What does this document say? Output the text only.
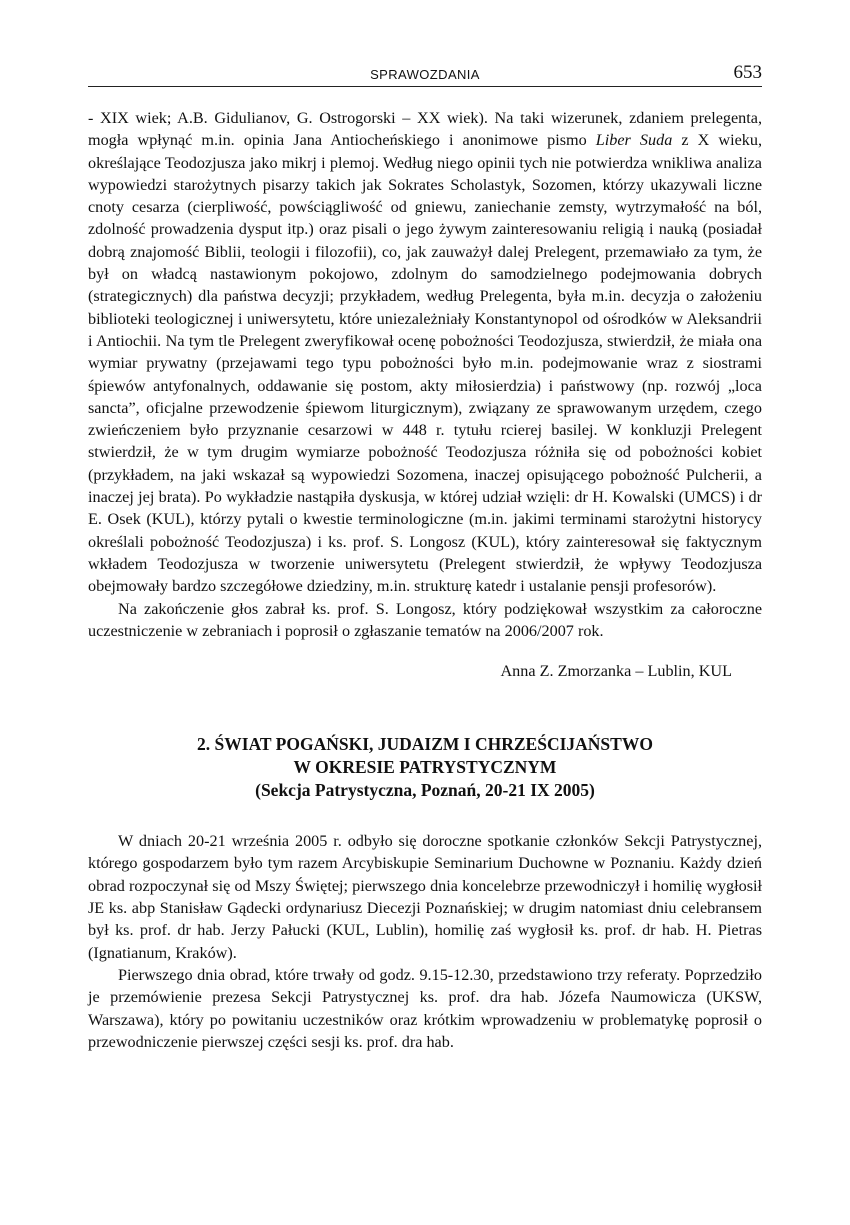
SPRAWOZDANIA	653

- XIX wiek; A.B. Gidulianov, G. Ostrogorski – XX wiek). Na taki wizerunek, zdaniem prelegenta, mogła wpłynąć m.in. opinia Jana Antiocheńskiego i anonimowe pismo Liber Suda z X wieku, określające Teodozjusza jako mikrj i plemoj. Według niego opinii tych nie potwierdza wnikliwa analiza wypowiedzi starożytnych pisarzy takich jak Sokrates Scholastyk, Sozomen, którzy ukazywali liczne cnoty cesarza (cierpliwość, powściągliwość od gniewu, zaniechanie zemsty, wytrzymałość na ból, zdolność prowadzenia dysput itp.) oraz pisali o jego żywym zainteresowaniu religią i nauką (posiadał dobrą znajomość Biblii, teologii i filozofii), co, jak zauważył dalej Prelegent, przemawiało za tym, że był on władcą nastawionym pokojowo, zdolnym do samodzielnego podejmowania dobrych (strategicznych) dla państwa decyzji; przykładem, według Prelegenta, była m.in. decyzja o założeniu biblioteki teologicznej i uniwersytetu, które uniezależniały Konstantynopol od ośrodków w Aleksandrii i Antiochii. Na tym tle Prelegent zweryfikował ocenę pobożności Teodozjusza, stwierdził, że miała ona wymiar prywatny (przejawami tego typu pobożności było m.in. podejmowanie wraz z siostrami śpiewów antyfonalnych, oddawanie się postom, akty miłosierdzia) i państwowy (np. rozwój „loca sancta”, oficjalne przewodzenie śpiewom liturgicznym), związany ze sprawowanym urzędem, czego zwieńczeniem było przyznanie cesarzowi w 448 r. tytułu rcierej basilej. W konkluzji Prelegent stwierdził, że w tym drugim wymiarze pobożność Teodozjusza różniła się od pobożności kobiet (przykładem, na jaki wskazał są wypowiedzi Sozomena, inaczej opisującego pobożność Pulcherii, a inaczej jej brata). Po wykładzie nastąpiła dyskusja, w której udział wzięli: dr H. Kowalski (UMCS) i dr E. Osek (KUL), którzy pytali o kwestie terminologiczne (m.in. jakimi terminami starożytni historycy określali pobożność Teodozjusza) i ks. prof. S. Longosz (KUL), który zainteresował się faktycznym wkładem Teodozjusza w tworzenie uniwersytetu (Prelegent stwierdził, że wpływy Teodozjusza obejmowały bardzo szczegółowe dziedziny, m.in. strukturę katedr i ustalanie pensji profesorów).

Na zakończenie głos zabrał ks. prof. S. Longosz, który podziękował wszystkim za całoroczne uczestniczenie w zebraniach i poprosił o zgłaszanie tematów na 2006/2007 rok.

Anna Z. Zmorzanka – Lublin, KUL
2. ŚWIAT POGAŃSKI, JUDAIZM I CHRZEŚCIJAŃSTWO
W OKRESIE PATRYSTYCZNYM
(Sekcja Patrystyczna, Poznań, 20-21 IX 2005)

W dniach 20-21 września 2005 r. odbyło się doroczne spotkanie członków Sekcji Patrystycznej, którego gospodarzem było tym razem Arcybiskupie Seminarium Duchowne w Poznaniu. Każdy dzień obrad rozpoczynał się od Mszy Świętej; pierwszego dnia koncelebrze przewodniczył i homilię wygłosił JE ks. abp Stanisław Gądecki ordynariusz Diecezji Poznańskiej; w drugim natomiast dniu celebransem był ks. prof. dr hab. Jerzy Pałucki (KUL, Lublin), homilię zaś wygłosił ks. prof. dr hab. H. Pietras (Ignatianum, Kraków).

Pierwszego dnia obrad, które trwały od godz. 9.15-12.30, przedstawiono trzy referaty. Poprzedziło je przemówienie prezesa Sekcji Patrystycznej ks. prof. dra hab. Józefa Naumowicza (UKSW, Warszawa), który po powitaniu uczestników oraz krótkim wprowadzeniu w problematykę poprosił o przewodniczenie pierwszej części sesji ks. prof. dra hab.
